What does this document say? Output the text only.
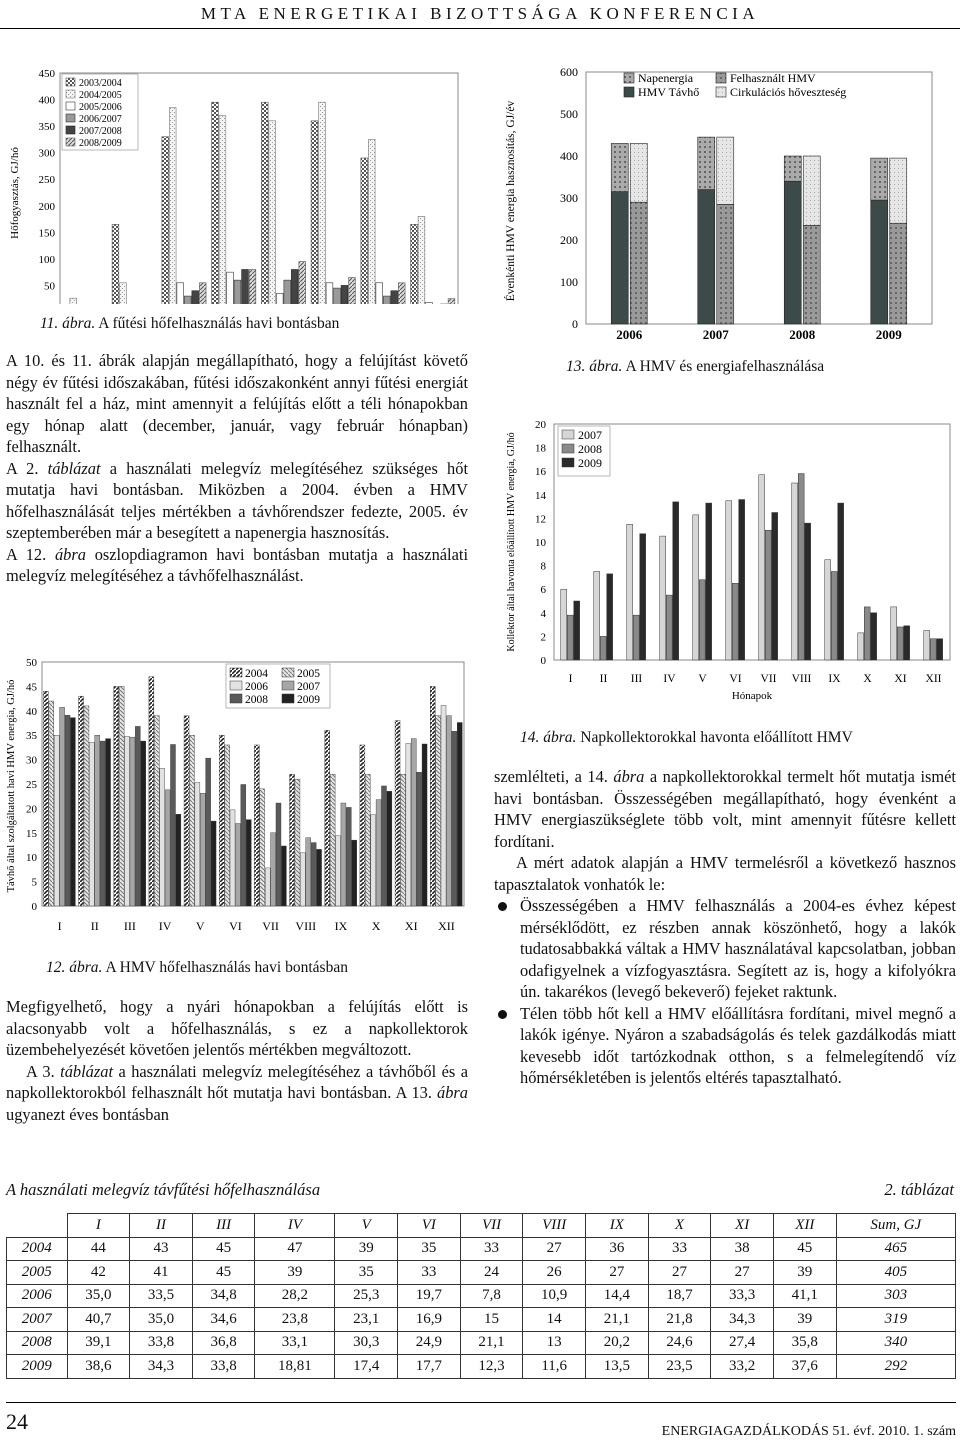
MTA ENERGETIKAI BIZOTTSÁGA KONFERENCIA
50
100
150
200
250
300
350
400
450
Hőfogyasztás, GJ/hó
2003/2004
2004/2005
2005/2006
2006/2007
2007/2008
2008/2009
11. ábra. A fűtési hőfelhasználás havi bontásban

A 10. és 11. ábrák alapján megállapítható, hogy a felújítást követő négy év fűtési időszakában, fűtési időszakonként annyi fűtési energiát használt fel a ház, mint amennyit a felújítás előtt a téli hónapokban egy hónap alatt (december, január, vagy február hónapban) felhasznált.

A 2. táblázat a használati melegvíz melegítéséhez szükséges hőt mutatja havi bontásban. Miközben a 2004. évben a HMV hőfelhasználását teljes mértékben a távhőrendszer fedezte, 2005. év szeptemberében már a besegített a napenergia hasznosítás.

A 12. ábra oszlopdiagramon havi bontásban mutatja a használati melegvíz melegítéséhez a távhőfelhasználást.

0
5
10
15
20
25
30
35
40
45
50
I II III IV V VI VII VIII IX X XI XII
Távhő által szolgáltatott havi HMV energia, GJ/hó
2004	2005
2006	2007
2008	2009
12. ábra. A HMV hőfelhasználás havi bontásban

Megfigyelhető, hogy a nyári hónapokban a felújítás előtt is alacsonyabb volt a hőfelhasználás, s ez a napkollektorok üzembehelyezését követően jelentős mértékben megváltozott.

A 3. táblázat a használati melegvíz melegítéséhez a távhőből és a napkollektorokból felhasznált hőt mutatja havi bontásban. A 13. ábra ugyanezt éves bontásban

0
100
200
300
400
500
600
2006	2007	2008	2009
Évenkénti HMV energia hasznosítás, GJ/év
Napenergia
HMV Távhő
Felhasznált HMV
Cirkulációs hőveszteség
13. ábra. A HMV és energiafelhasználása
0
2
4
6
8
10
12
14
16
18
20
I II III IV V VI VII VIII IX X XI XII
Hónapok
Kollektor által havonta előállított HMV energia, GJ/hó	2007
2008
2009
14. ábra. Napkollektorokkal havonta előállított HMV

szemlélteti, a 14. ábra a napkollektorokkal termelt hőt mutatja ismét havi bontásban. Összességében megállapítható, hogy évenként a HMV energiaszükséglete több volt, mint amennyit fűtésre kellett fordítani.

A mért adatok alapján a HMV termelésről a következő hasznos tapasztalatok vonhatók le:

Összességében a HMV felhasználás a 2004-es évhez képest mérséklődött, ez részben annak köszönhető, hogy a lakók tudatosabbakká váltak a HMV használatával kapcsolatban, jobban odafigyelnek a vízfogyasztásra. Segített az is, hogy a kifolyókra ún. takarékos (levegő bekeverő) fejeket raktunk.
Télen több hőt kell a HMV előállításra fordítani, mivel megnő a lakók igénye. Nyáron a szabadságolás és telek gazdálkodás miatt kevesebb időt tartózkodnak otthon, s a felmelegítendő víz hőmérsékletében is jelentős eltérés tapasztalható.
A használati melegvíz távfűtési hőfelhasználása	2. táblázat
	I	II	III	IV	V	VI	VII	VIII	IX	X	XI	XII	Sum, GJ
2004	44	43	45	47	39	35	33	27	36	33	38	45	465
2005	42	41	45	39	35	33	24	26	27	27	27	39	405
2006	35,0	33,5	34,8	28,2	25,3	19,7	7,8	10,9	14,4	18,7	33,3	41,1	303
2007	40,7	35,0	34,6	23,8	23,1	16,9	15	14	21,1	21,8	34,3	39	319
2008	39,1	33,8	36,8	33,1	30,3	24,9	21,1	13	20,2	24,6	27,4	35,8	340
2009	38,6	34,3	33,8	18,81	17,4	17,7	12,3	11,6	13,5	23,5	33,2	37,6	292
24	ENERGIAGAZDÁLKODÁS 51. évf. 2010. 1. szám
